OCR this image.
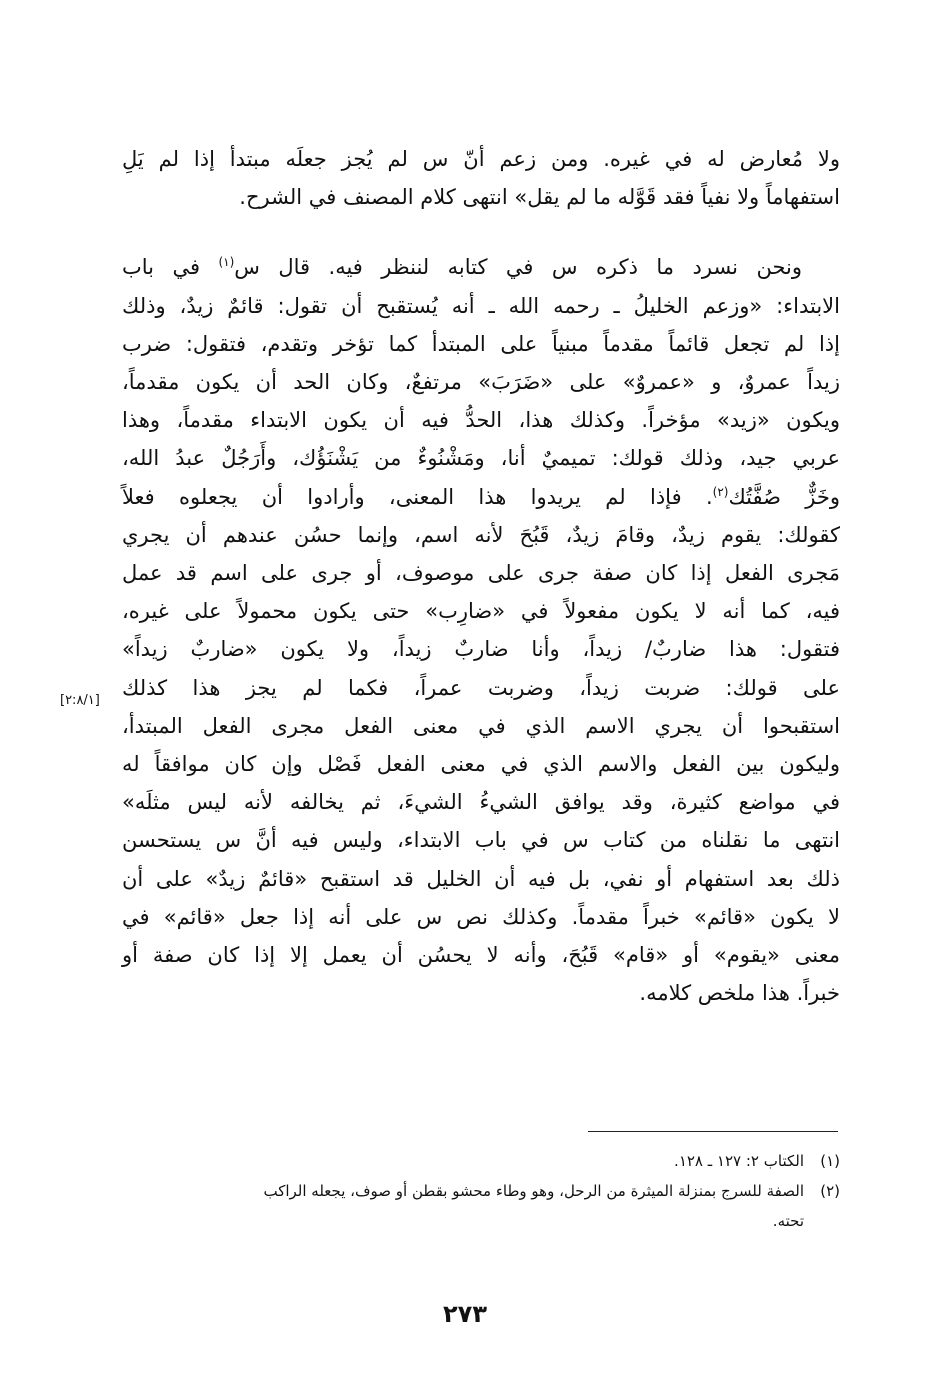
ولا مُعارض له في غيره. ومن زعم أنّ س لم يُجز جعلَه مبتدأ إذا لم يَلِ
استفهاماً ولا نفياً فقد قَوَّله ما لم يقل» انتهى كلام المصنف في الشرح.
ونحن نسرد ما ذكره س في كتابه لننظر فيه. قال س$^{(١)}$ في باب
الابتداء: «وزعم الخليلُ ـ رحمه الله ـ أنه يُستقبح أن تقول: قائمٌ زيدٌ، وذلك
إذا لم تجعل قائماً مقدماً مبنياً على المبتدأ كما تؤخر وتقدم، فتقول: ضرب
زيداً عمروٌ، و «عمروٌ» على «ضَرَبَ» مرتفعٌ، وكان الحد أن يكون مقدماً،
ويكون «زيد» مؤخراً. وكذلك هذا، الحدُّ فيه أن يكون الابتداء مقدماً، وهذا
عربي جيد، وذلك قولك: تميميٌ أنا، ومَشْنُوءٌ من يَشْنَؤُك، وأَرَجُلٌ عبدُ الله،
وخَزٌّ صُفَّتُك$^{(٢)}$. فإذا لم يريدوا هذا المعنى، وأرادوا أن يجعلوه فعلاً
كقولك: يقوم زيدٌ، وقامَ زيدٌ، قَبُحَ لأنه اسم، وإنما حسُن عندهم أن يجري
مَجرى الفعل إذا كان صفة جرى على موصوف، أو جرى على اسم قد عمل
فيه، كما أنه لا يكون مفعولاً في «ضارِب» حتى يكون محمولاً على غيره،
فتقول: هذا ضاربٌ/ زيداً، وأنا ضاربٌ زيداً، ولا يكون «ضاربٌ زيداً»
على قولك: ضربت زيداً، وضربت عمراً، فكما لم يجز هذا كذلك
استقبحوا أن يجري الاسم الذي في معنى الفعل مجرى الفعل المبتدأ،
وليكون بين الفعل والاسم الذي في معنى الفعل فَصْل وإن كان موافقاً له
في مواضع كثيرة، وقد يوافق الشيءُ الشيءَ، ثم يخالفه لأنه ليس مثلَه»
انتهى ما نقلناه من كتاب س في باب الابتداء، وليس فيه أنَّ س يستحسن
ذلك بعد استفهام أو نفي، بل فيه أن الخليل قد استقبح «قائمٌ زيدٌ» على أن
لا يكون «قائم» خبراً مقدماً. وكذلك نص س على أنه إذا جعل «قائم» في
معنى «يقوم» أو «قام» قَبُحَ، وأنه لا يحسُن أن يعمل إلا إذا كان صفة أو
خبراً. هذا ملخص كلامه.
[٢:٨/١]
(١)الكتاب ٢: ١٢٧ ـ ١٢٨.
(٢)الصفة للسرج بمنزلة الميثرة من الرحل، وهو وطاء محشو بقطن أو صوف، يجعله الراكب
تحته.
٢٧٣
